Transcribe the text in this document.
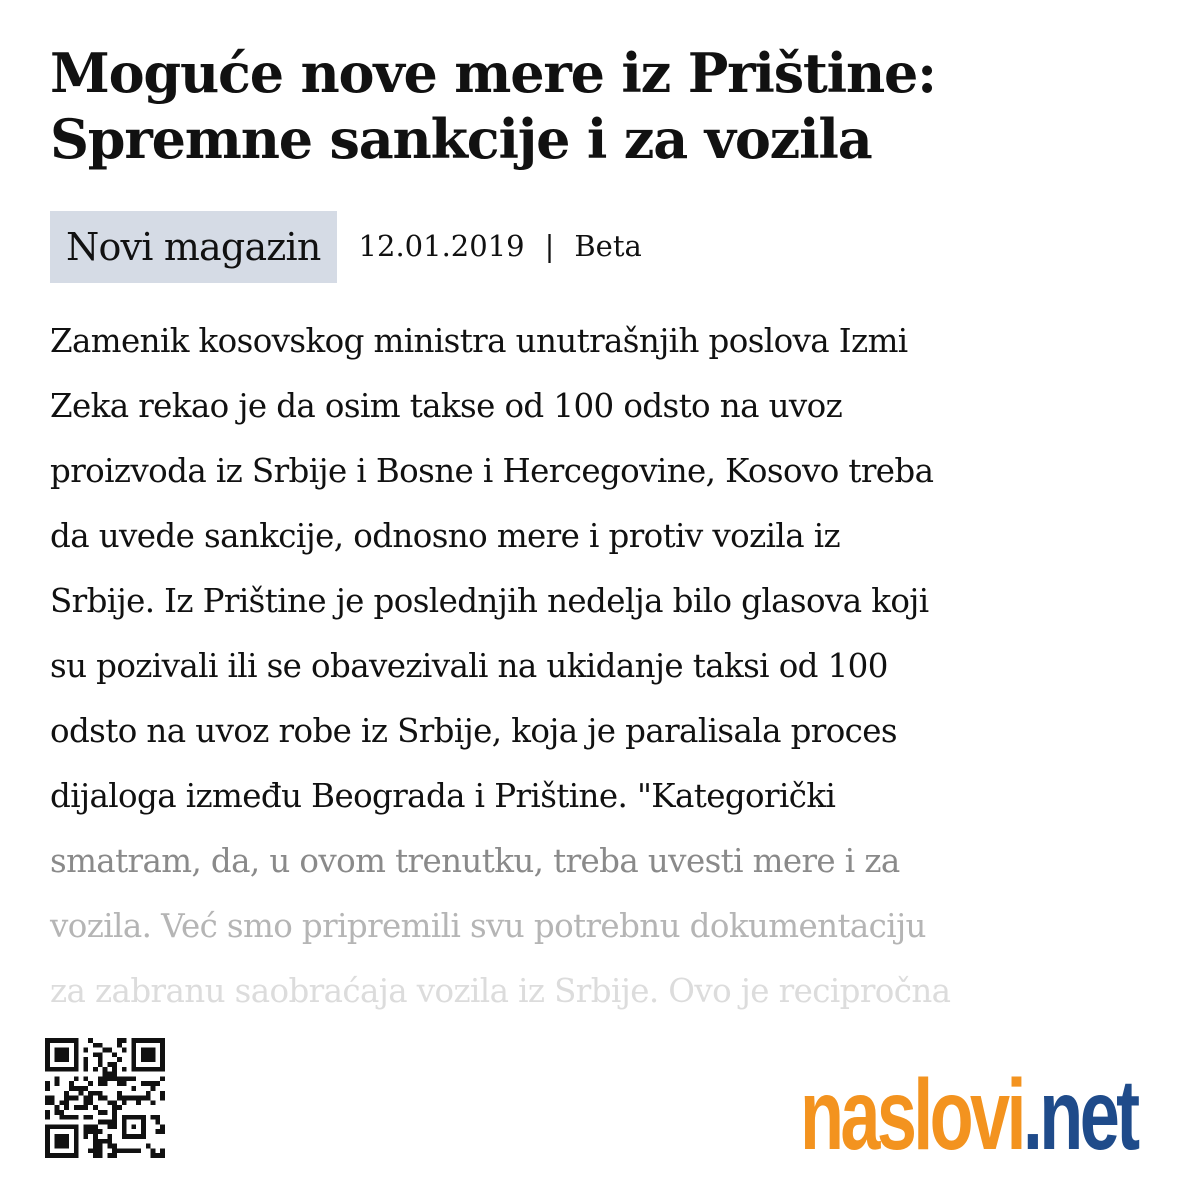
Moguće nove mere iz Prištine: Spremne sankcije i za vozila
Novi magazin	12.01.2019 | Beta
Zamenik kosovskog ministra unutrašnjih poslova Izmi
Zeka rekao je da osim takse od 100 odsto na uvoz
proizvoda iz Srbije i Bosne i Hercegovine, Kosovo treba
da uvede sankcije, odnosno mere i protiv vozila iz
Srbije. Iz Prištine je poslednjih nedelja bilo glasova koji
su pozivali ili se obavezivali na ukidanje taksi od 100
odsto na uvoz robe iz Srbije, koja je paralisala proces
dijaloga između Beograda i Prištine. "Kategorički
smatram, da, u ovom trenutku, treba uvesti mere i za
vozila. Već smo pripremili svu potrebnu dokumentaciju
za zabranu saobraćaja vozila iz Srbije. Ovo je recipročna
naslovi.net
